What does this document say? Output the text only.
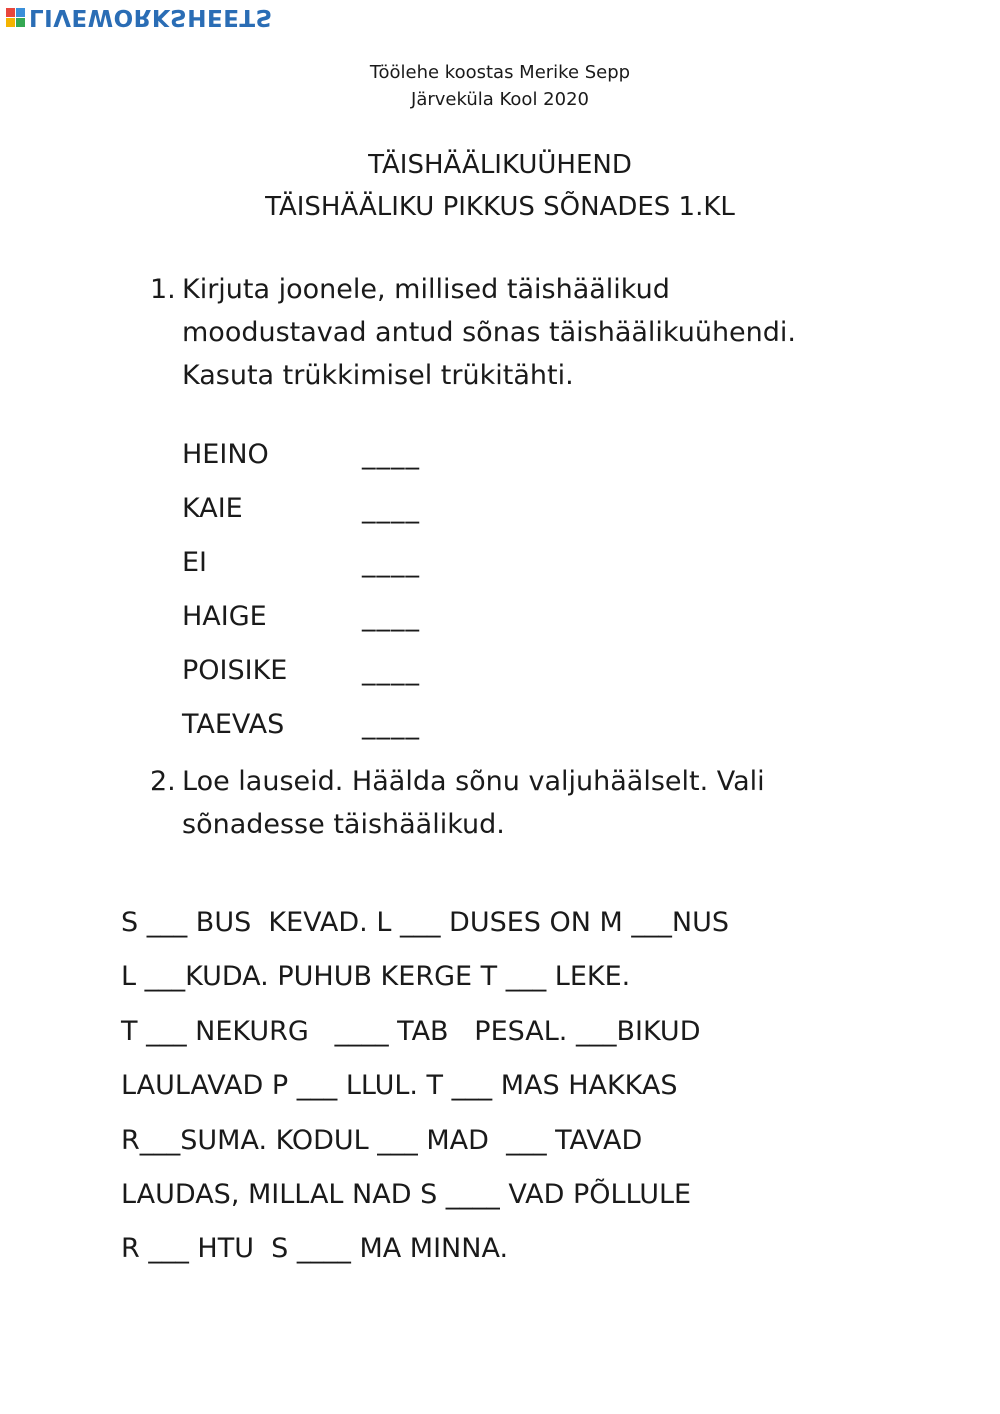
LIVEWORKSHEETS
Töölehe koostas Merike Sepp
Järveküla Kool 2020
TÄISHÄÄLIKUÜHEND
TÄISHÄÄLIKU PIKKUS SÕNADES 1.KL
1. Kirjuta joonele, millised täishäälikud
moodustavad antud sõnas täishäälikuühendi.
Kasuta trükkimisel trükitähti.
HEINO	____
KAIE	____
EI	____
HAIGE	____
POISIKE	____
TAEVAS	____
2. Loe lauseid. Häälda sõnu valjuhäälselt. Vali
sõnadesse täishäälikud.
S ___ BUS  KEVAD. L ___ DUSES ON M ___NUS
L ___KUDA. PUHUB KERGE T ___ LEKE.
T ___ NEKURG   ____ TAB   PESAL. ___BIKUD
LAULAVAD P ___ LLUL. T ___ MAS HAKKAS
R___SUMA. KODUL ___ MAD  ___ TAVAD
LAUDAS, MILLAL NAD S ____ VAD PÕLLULE
R ___ HTU  S ____ MA MINNA.
